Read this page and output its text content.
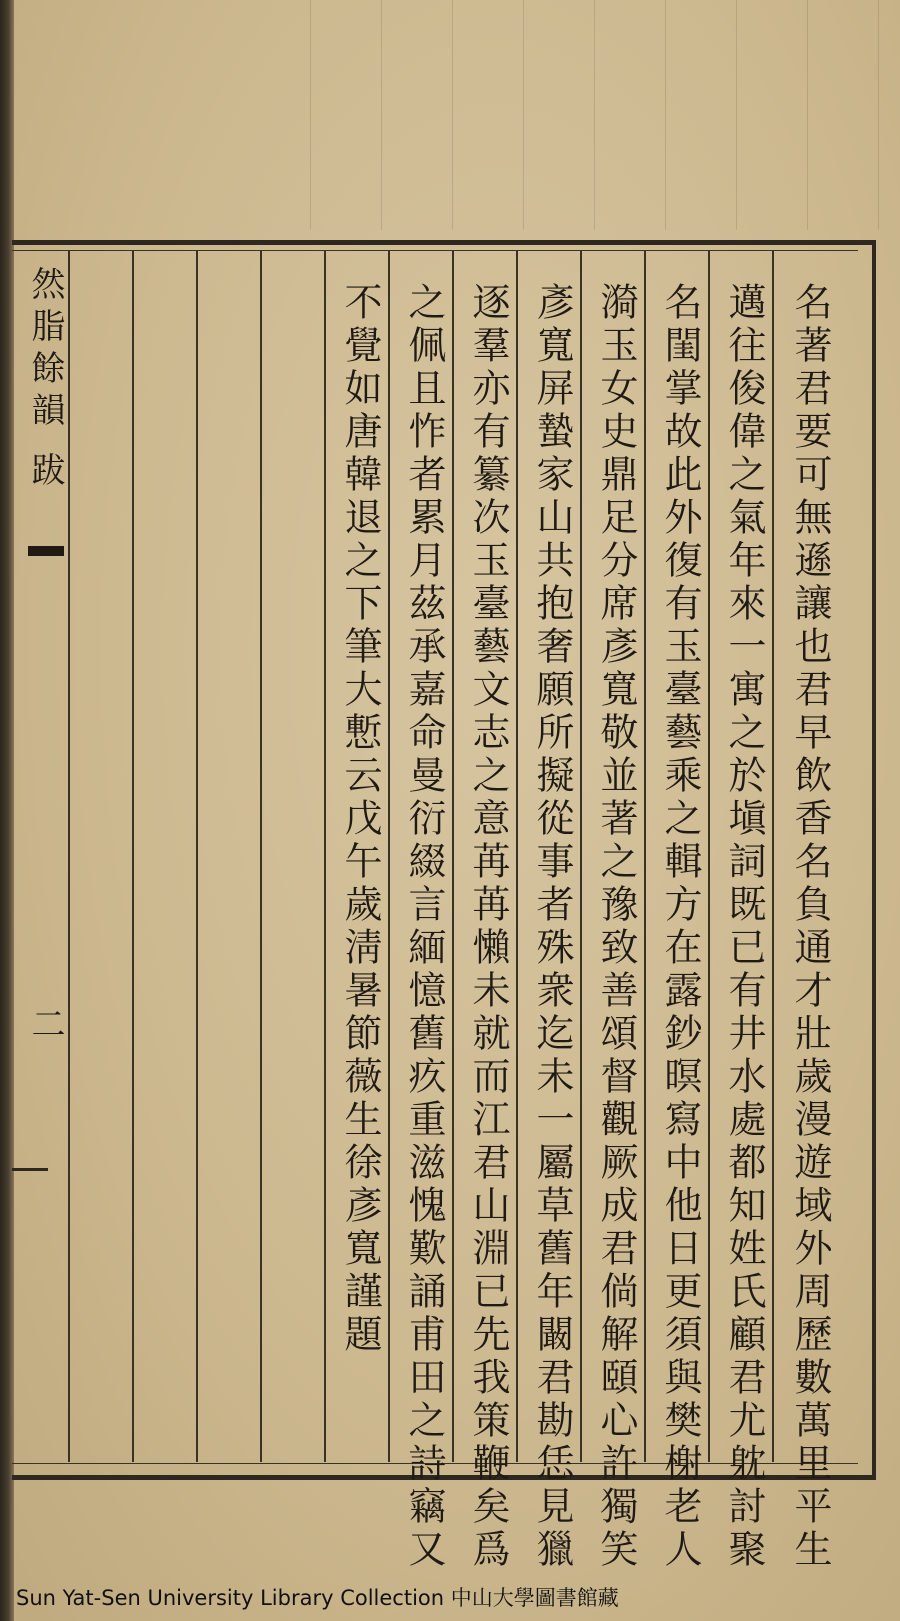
名著君要可無遜讓也君早飲香名負通才壯歲漫遊域外周歷數萬里平生
邁往俊偉之氣年來一寓之於塡詞既已有井水處都知姓氏顧君尤躭討聚
名閨掌故此外復有玉臺藝乘之輯方在露鈔暝寫中他日更須與樊榭老人
漪玉女史鼎足分席彥寬敬並著之豫致善頌督觀厥成君倘解頤心許獨笑
彥寬屏蟄家山共抱奢願所擬從事者殊衆迄未一屬草舊年闞君勘恁見獵
逐羣亦有纂次玉臺藝文志之意苒苒懶未就而江君山淵已先我策鞭矣爲
之佩且怍者累月茲承嘉命曼衍綴言緬憶舊疚重滋愧歎誦甫田之詩竊又
不覺如唐韓退之下筆大慙云戊午歲淸暑節薇生徐彥寬謹題
然脂餘韻跋
二
Sun Yat-Sen University Library Collection 中山大學圖書館藏
